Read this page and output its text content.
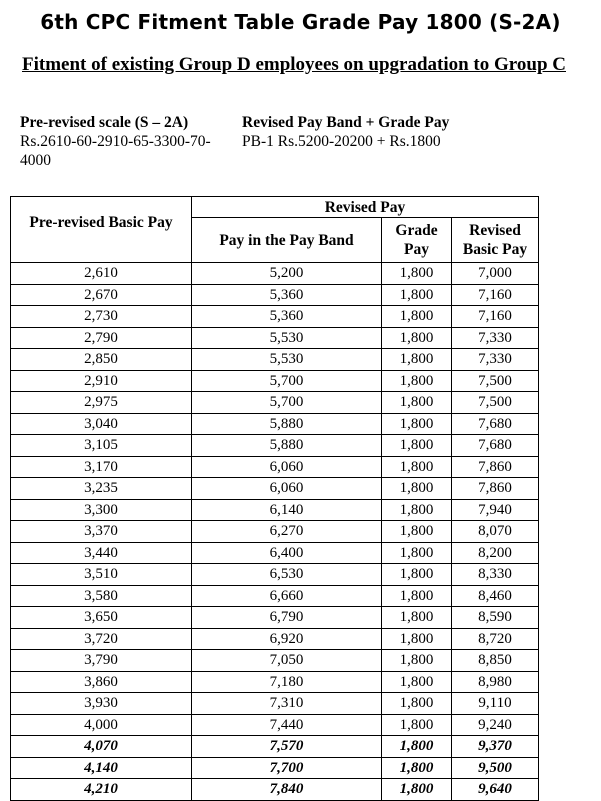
6th CPC Fitment Table Grade Pay 1800 (S-2A)
Fitment of existing Group D employees on upgradation to Group C
Pre-revised scale (S – 2A)
Rs.2610-60-2910-65-3300-70-4000
Revised Pay Band + Grade Pay
PB-1 Rs.5200-20200 + Rs.1800
Pre-revised Basic Pay	Revised Pay		
	Pay in the Pay Band	Grade Pay	Revised Basic Pay
2,610	5,200	1,800	7,000
2,670	5,360	1,800	7,160
2,730	5,360	1,800	7,160
2,790	5,530	1,800	7,330
2,850	5,530	1,800	7,330
2,910	5,700	1,800	7,500
2,975	5,700	1,800	7,500
3,040	5,880	1,800	7,680
3,105	5,880	1,800	7,680
3,170	6,060	1,800	7,860
3,235	6,060	1,800	7,860
3,300	6,140	1,800	7,940
3,370	6,270	1,800	8,070
3,440	6,400	1,800	8,200
3,510	6,530	1,800	8,330
3,580	6,660	1,800	8,460
3,650	6,790	1,800	8,590
3,720	6,920	1,800	8,720
3,790	7,050	1,800	8,850
3,860	7,180	1,800	8,980
3,930	7,310	1,800	9,110
4,000	7,440	1,800	9,240
4,070	7,570	1,800	9,370
4,140	7,700	1,800	9,500
4,210	7,840	1,800	9,640
